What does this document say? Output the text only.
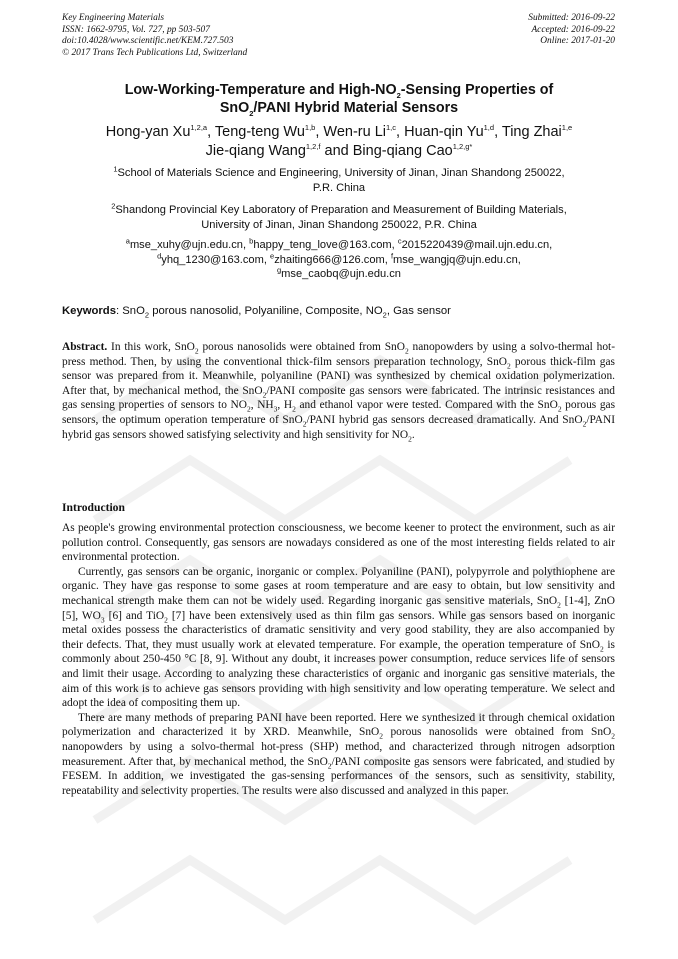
Key Engineering Materials
ISSN: 1662-9795, Vol. 727, pp 503-507
doi:10.4028/www.scientific.net/KEM.727.503
© 2017 Trans Tech Publications Ltd, Switzerland
Submitted: 2016-09-22
Accepted: 2016-09-22
Online: 2017-01-20
Low-Working-Temperature and High-$NO_2$-Sensing Properties of
SnO$_2$/PANI Hybrid Material Sensors
Hong-yan Xu$^{1,2,a}$, Teng-teng Wu$^{1,b}$, Wen-ru Li$^{1,c}$, Huan-qin Yu$^{1,d}$, Ting Zhai$^{1,e}$
Jie-qiang Wang$^{1,2,f}$ and Bing-qiang Cao$^{1,2,g*}$
$^1$School of Materials Science and Engineering, University of Jinan, Jinan Shandong 250022,
P.R. China
$^2$Shandong Provincial Key Laboratory of Preparation and Measurement of Building Materials,
University of Jinan, Jinan Shandong 250022, P.R. China
$^a$mse_xuhy@ujn.edu.cn, $^b$happy_teng_love@163.com, $^c$2015220439@mail.ujn.edu.cn,
$^d$yhq_1230@163.com, $^e$zhaiting666@126.com, $^f$mse_wangjq@ujn.edu.cn,
$^g$mse_caobq@ujn.edu.cn
Keywords: SnO$_2$ porous nanosolid, Polyaniline, Composite, $NO_2$, Gas sensor
Abstract. In this work, SnO$_2$ porous nanosolids were obtained from SnO$_2$ nanopowders by using a solvo-thermal hot-press method. Then, by using the conventional thick-film sensors preparation technology, SnO$_2$ porous thick-film gas sensor was prepared from it. Meanwhile, polyaniline (PANI) was synthesized by chemical oxidation polymerization. After that, by mechanical method, the SnO$_2$/PANI composite gas sensors were fabricated. The intrinsic resistances and gas sensing properties of sensors to $NO_2$, $NH_3$, $H_2$ and ethanol vapor were tested. Compared with the SnO$_2$ porous gas sensors, the optimum operation temperature of SnO$_2$/PANI hybrid gas sensors decreased dramatically. And SnO$_2$/PANI hybrid gas sensors showed satisfying selectivity and high sensitivity for $NO_2$.
Introduction

As people's growing environmental protection consciousness, we become keener to protect the environment, such as air pollution control. Consequently, gas sensors are nowadays considered as one of the most interesting fields related to air environmental protection.

Currently, gas sensors can be organic, inorganic or complex. Polyaniline (PANI), polypyrrole and polythiophene are organic. They have gas response to some gases at room temperature and are easy to obtain, but low sensitivity and mechanical strength make them can not be widely used. Regarding inorganic gas sensitive materials, SnO$_2$ [1-4], ZnO [5], $WO_3$ [6] and TiO$_2$ [7] have been extensively used as thin film gas sensors. While gas sensors based on inorganic metal oxides possess the characteristics of dramatic sensitivity and very good stability, they are also accompanied by their defects. That, they must usually work at elevated temperature. For example, the operation temperature of SnO$_2$ is commonly about 250-450 °C [8, 9]. Without any doubt, it increases power consumption, reduce services life of sensors and limit their usage. According to analyzing these characteristics of organic and inorganic gas sensitive materials, the aim of this work is to achieve gas sensors providing with high sensitivity and low operating temperature. We select and adopt the idea of compositing them up.

There are many methods of preparing PANI have been reported. Here we synthesized it through chemical oxidation polymerization and characterized it by XRD. Meanwhile, SnO$_2$ porous nanosolids were obtained from SnO$_2$ nanopowders by using a solvo-thermal hot-press (SHP) method, and characterized through nitrogen adsorption measurement. After that, by mechanical method, the SnO$_2$/PANI composite gas sensors were fabricated, and studied by FESEM. In addition, we investigated the gas-sensing performances of the sensors, such as sensitivity, stability, repeatability and selectivity properties. The results were also discussed and analyzed in this paper.
